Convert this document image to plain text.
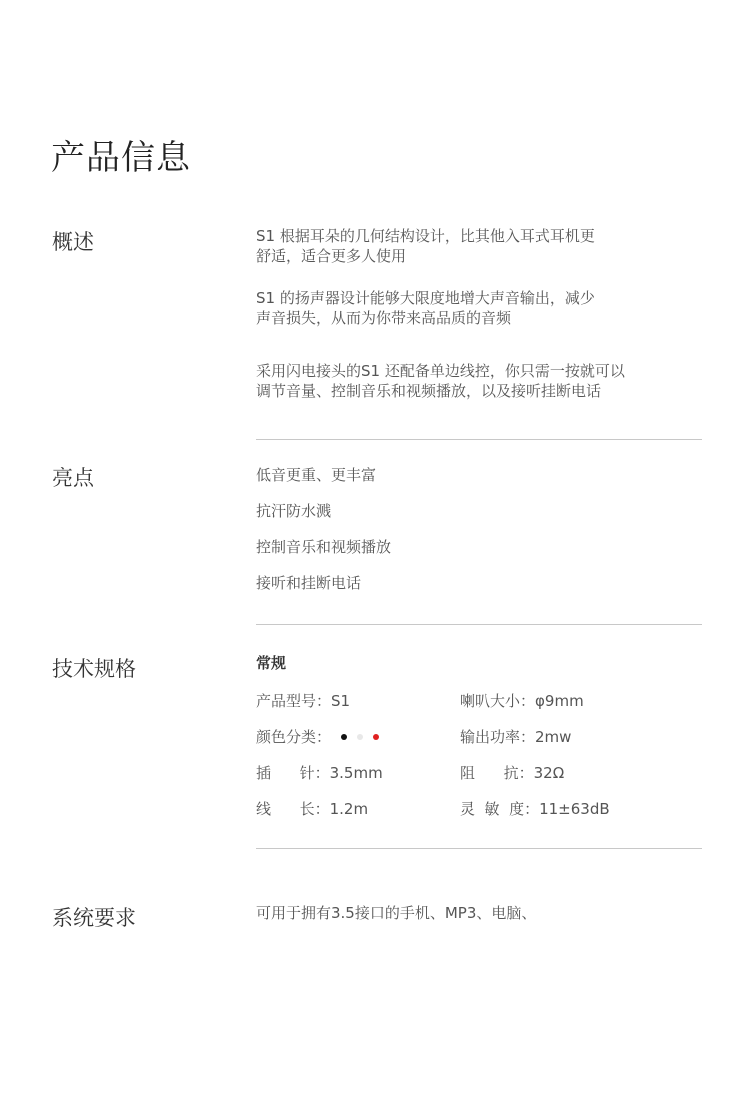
产品信息
概述	S1 根据耳朵的几何结构设计，比其他入耳式耳机更
舒适，适合更多人使用

S1 的扬声器设计能够大限度地增大声音输出，减少
声音损失，从而为你带来高品质的音频

采用闪电接头的S1 还配备单边线控，你只需一按就可以
调节音量、控制音乐和视频播放，以及接听挂断电话

亮点	低音更重、更丰富
抗汗防水溅
控制音乐和视频播放
接听和挂断电话
技术规格	常规
产品型号： S1	喇叭大小： φ9mm
颜色分类：	输出功率： 2mw
插      针： 3.5mm	阻      抗： 32Ω
线      长： 1.2m	灵  敏  度： 11±63dB
系统要求	可用于拥有3.5接口的手机、MP3、电脑、
